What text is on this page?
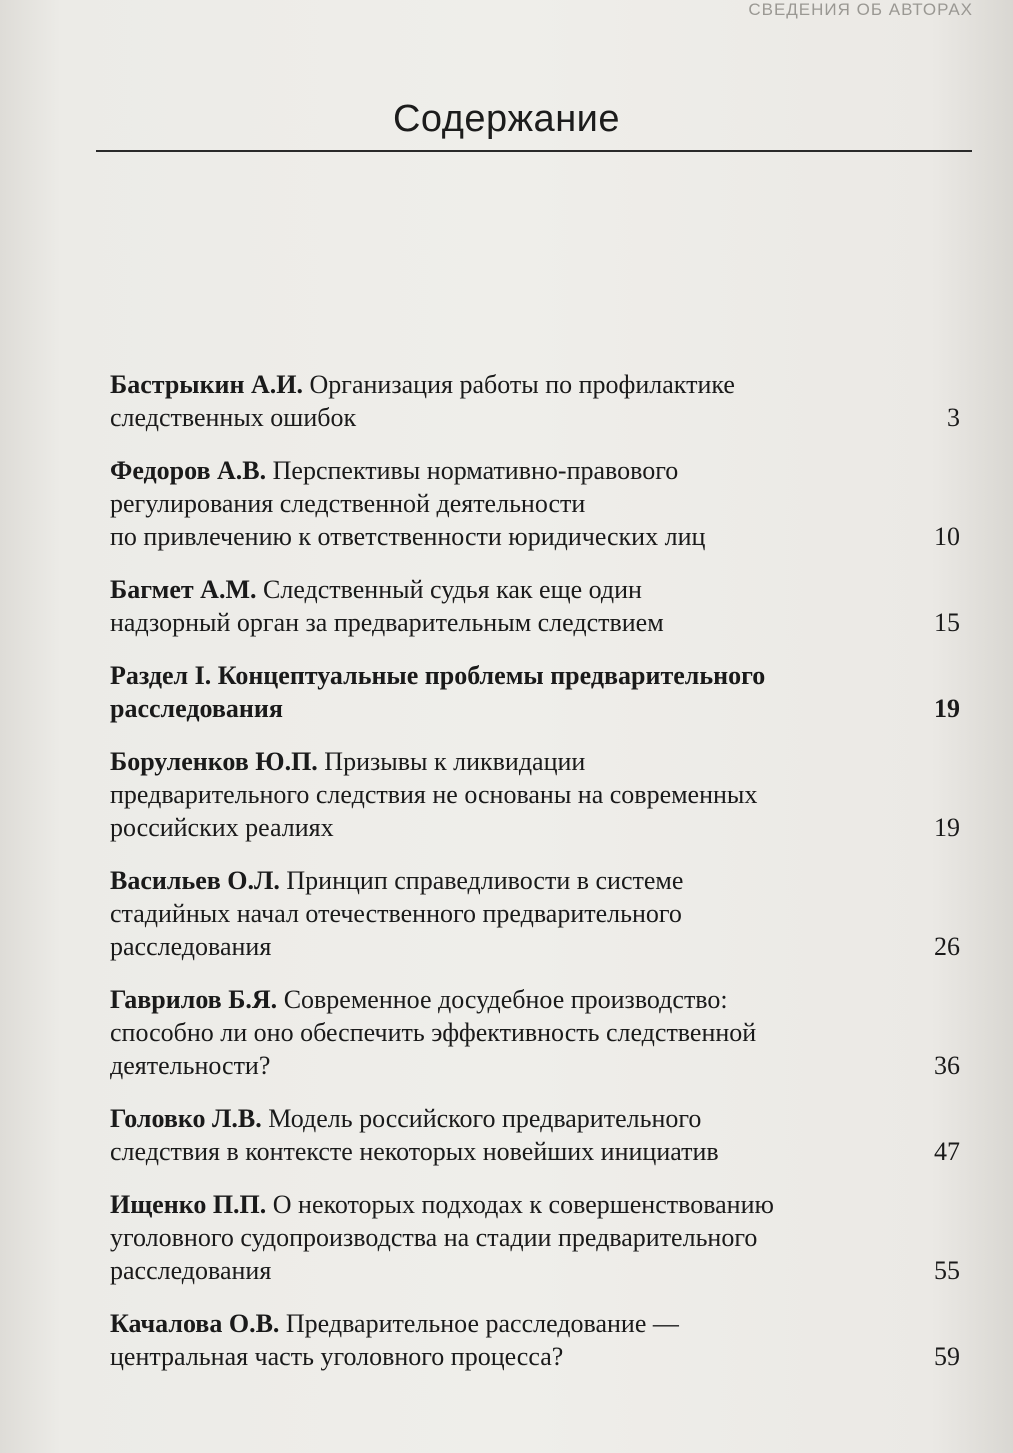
СВЕДЕНИЯ ОБ АВТОРАХ
Содержание
Бастрыкин А.И. Организация работы по профилактике
следственных ошибок	3
Федоров А.В. Перспективы нормативно-правового
регулирования следственной деятельности
по привлечению к ответственности юридических лиц	10
Багмет А.М. Следственный судья как еще один
надзорный орган за предварительным следствием	15
Раздел I. Концептуальные проблемы предварительного
расследования	19
Боруленков Ю.П. Призывы к ликвидации
предварительного следствия не основаны на современных
российских реалиях	19
Васильев О.Л. Принцип справедливости в системе
стадийных начал отечественного предварительного
расследования	26
Гаврилов Б.Я. Современное досудебное производство:
способно ли оно обеспечить эффективность следственной
деятельности?	36
Головко Л.В. Модель российского предварительного
следствия в контексте некоторых новейших инициатив	47
Ищенко П.П. О некоторых подходах к совершенствованию
уголовного судопроизводства на стадии предварительного
расследования	55
Качалова О.В. Предварительное расследование —
центральная часть уголовного процесса?	59
